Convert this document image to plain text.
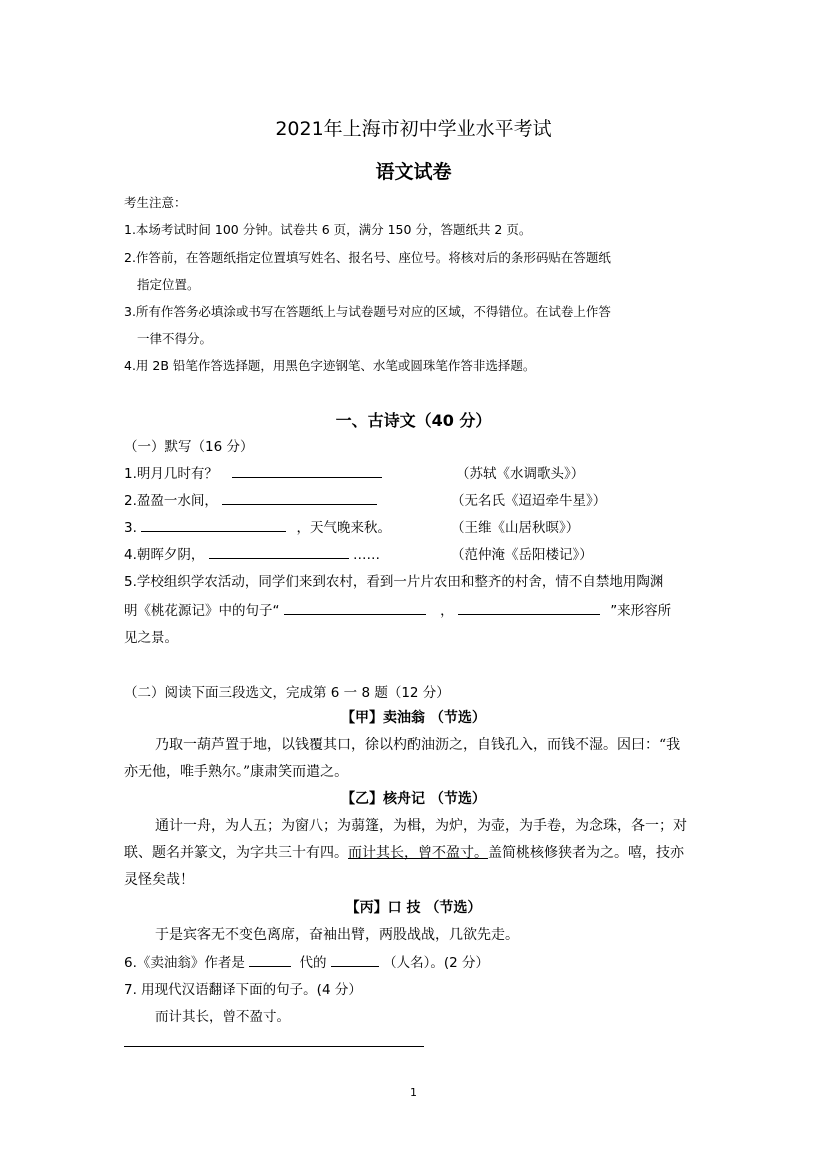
2021年上海市初中学业水平考试
语文试卷
考生注意：
1.本场考试时间 100 分钟。试卷共 6 页，满分 150 分，答题纸共 2 页。
2.作答前，在答题纸指定位置填写姓名、报名号、座位号。将核对后的条形码贴在答题纸
指定位置。
3.所有作答务必填涂或书写在答题纸上与试卷题号对应的区域，不得错位。在试卷上作答
一律不得分。
4.用 2B 铅笔作答选择题，用黑色字迹钢笔、水笔或圆珠笔作答非选择题。
一、古诗文（40 分）
（一）默写（16 分）
1.明月几时有？	（苏轼《水调歌头》）
2.盈盈一水间，	（无名氏《迢迢牵牛星》）
3.	，天气晚来秋。	（王维《山居秋暝》）
4.朝晖夕阴，	……	（范仲淹《岳阳楼记》）
5.学校组织学农活动，同学们来到农村，看到一片片农田和整齐的村舍，情不自禁地用陶渊
明《桃花源记》中的句子“	，	”来形容所
见之景。
（二）阅读下面三段选文，完成第 6 一 8 题（12 分）
【甲】卖油翁 （节选）
乃取一葫芦置于地，以钱覆其口，徐以杓酌油沥之，自钱孔入，而钱不湿。因曰：“我
亦无他，唯手熟尔。”康肃笑而遣之。
【乙】核舟记 （节选）
通计一舟，为人五；为窗八；为蒻篷，为楫，为炉，为壶，为手卷，为念珠，各一；对
联、题名并篆文，为字共三十有四。而计其长，曾不盈寸。盖简桃核修狭者为之。嘻，技亦
灵怪矣哉！
【丙】口 技 （节选）
于是宾客无不变色离席，奋袖出臂，两股战战，几欲先走。
6.《卖油翁》作者是	代的	（人名）。(2 分）
7. 用现代汉语翻译下面的句子。(4 分）
而计其长，曾不盈寸。
1
